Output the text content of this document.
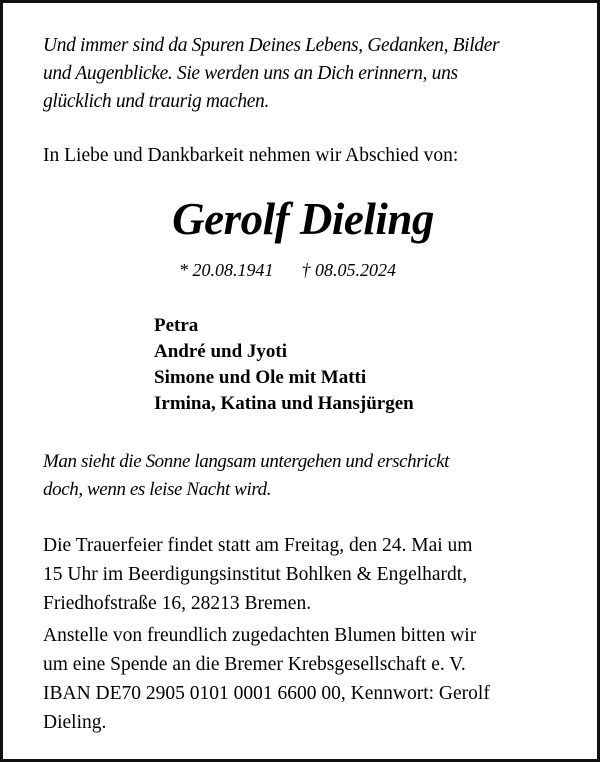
Und immer sind da Spuren Deines Lebens, Gedanken, Bilder
und Augenblicke. Sie werden uns an Dich erinnern, uns
glücklich und traurig machen.
In Liebe und Dankbarkeit nehmen wir Abschied von:
Gerolf Dieling
* 20.08.1941 † 08.05.2024
Petra
André und Jyoti
Simone und Ole mit Matti
Irmina, Katina und Hansjürgen
Man sieht die Sonne langsam untergehen und erschrickt
doch, wenn es leise Nacht wird.
Die Trauerfeier findet statt am Freitag, den 24. Mai um
15 Uhr im Beerdigungsinstitut Bohlken & Engelhardt,
Friedhofstraße 16, 28213 Bremen.
Anstelle von freundlich zugedachten Blumen bitten wir
um eine Spende an die Bremer Krebsgesellschaft e. V.
IBAN DE70 2905 0101 0001 6600 00, Kennwort: Gerolf
Dieling.
